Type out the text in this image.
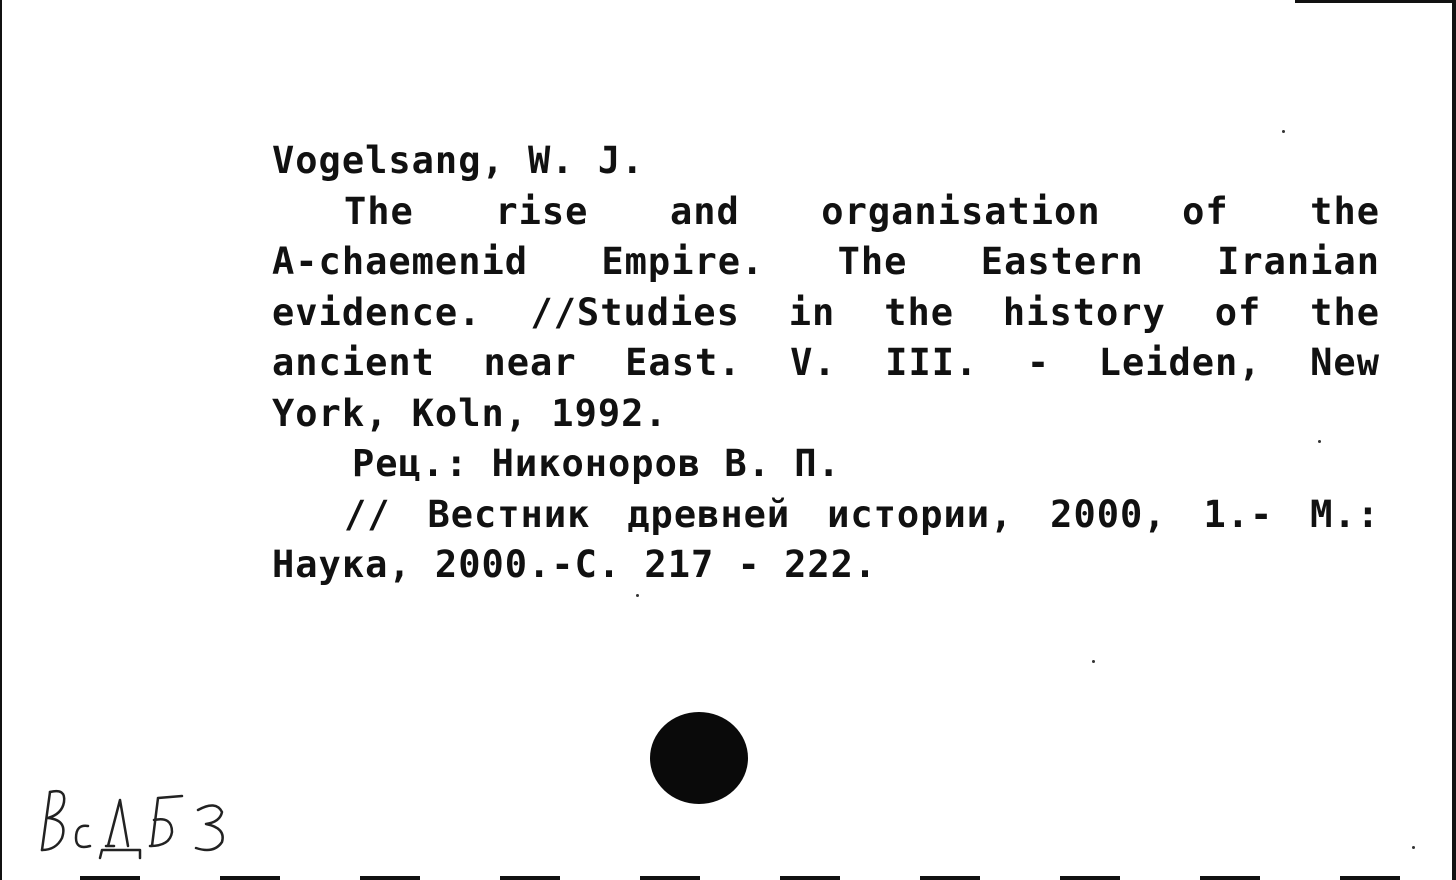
Vogelsang, W. J.
The rise and organisation of the
A-chaemenid Empire. The Eastern Iranian
evidence. //Studies in the history of the
ancient near East. V. III. - Leiden, New
York, Koln, 1992.
Рец.: Никоноров В. П.
// Вестник древней истории, 2000, 1.- М.:
Наука, 2000.-С. 217 - 222.
